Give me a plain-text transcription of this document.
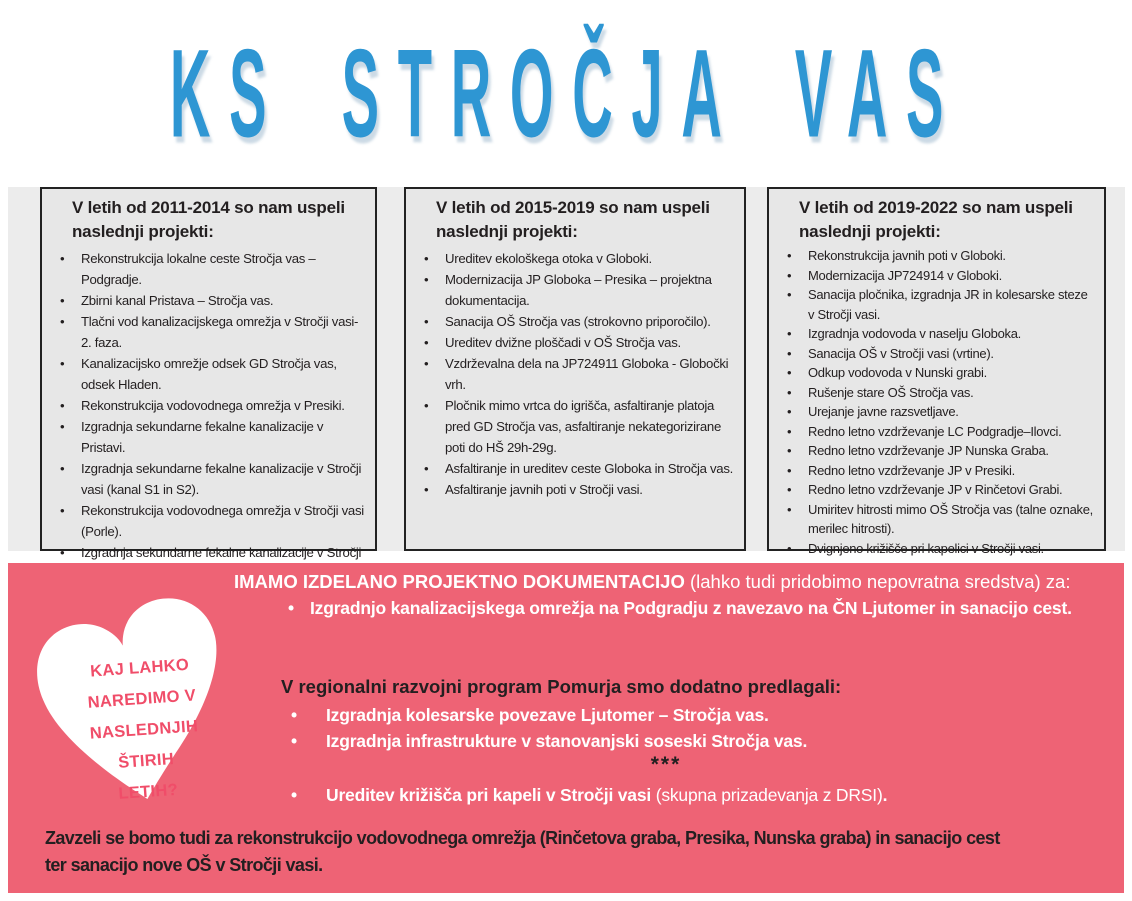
KS STROČJA VAS
V letih od 2011-2014 so nam uspeli naslednji projekti:
• Rekonstrukcija lokalne ceste Stročja vas – Podgradje.
• Zbirni kanal Pristava – Stročja vas.
• Tlačni vod kanalizacijskega omrežja v Stročji vasi-2. faza.
• Kanalizacijsko omrežje odsek GD Stročja vas, odsek Hladen.
• Rekonstrukcija vodovodnega omrežja v Presiki.
• Izgradnja sekundarne fekalne kanalizacije v Pristavi.
• Izgradnja sekundarne fekalne kanalizacije v Stročji vasi (kanal S1 in S2).
• Rekonstrukcija vodovodnega omrežja v Stročji vasi (Porle).
• Izgradnja sekundarne fekalne kanalizacije v Stročji
V letih od 2015-2019 so nam uspeli naslednji projekti:
• Ureditev ekološkega otoka v Globoki.
• Modernizacija JP Globoka – Presika – projektna dokumentacija.
• Sanacija OŠ Stročja vas (strokovno priporočilo).
• Ureditev dvižne ploščadi v OŠ Stročja vas.
• Vzdrževalna dela na JP724911 Globoka - Globočki vrh.
• Pločnik mimo vrtca do igrišča, asfaltiranje platoja pred GD Stročja vas, asfaltiranje nekategorizirane poti do HŠ 29h-29g.
• Asfaltiranje in ureditev ceste Globoka in Stročja vas.
• Asfaltiranje javnih poti v Stročji vasi.
V letih od 2019-2022 so nam uspeli naslednji projekti:
• Rekonstrukcija javnih poti v Globoki.
• Modernizacija JP724914 v Globoki.
• Sanacija pločnika, izgradnja JR in kolesarske steze v Stročji vasi.
• Izgradnja vodovoda v naselju Globoka.
• Sanacija OŠ v Stročji vasi (vrtine).
• Odkup vodovoda v Nunski grabi.
• Rušenje stare OŠ Stročja vas.
• Urejanje javne razsvetljave.
• Redno letno vzdrževanje LC Podgradje–Ilovci.
• Redno letno vzdrževanje JP Nunska Graba.
• Redno letno vzdrževanje JP v Presiki.
• Redno letno vzdrževanje JP v Rinčetovi Grabi.
• Umiritev hitrosti mimo OŠ Stročja vas (talne oznake, merilec hitrosti).
• Dvignjeno križišče pri kapelici v Stročji vasi.
KAJ LAHKO
NAREDIMO V
NASLEDNJIH
ŠTIRIH
LETIH?
IMAMO IZDELANO PROJEKTNO DOKUMENTACIJO (lahko tudi pridobimo nepovratna sredstva) za:
• Izgradnjo kanalizacijskega omrežja na Podgradju z navezavo na ČN Ljutomer in sanacijo cest.
V regionalni razvojni program Pomurja smo dodatno predlagali:
• Izgradnja kolesarske povezave Ljutomer – Stročja vas.
• Izgradnja infrastrukture v stanovanjski soseski Stročja vas.
***
• Ureditev križišča pri kapeli v Stročji vasi (skupna prizadevanja z DRSI).
Zavzeli se bomo tudi za rekonstrukcijo vodovodnega omrežja (Rinčetova graba, Presika, Nunska graba) in sanacijo cest ter sanacijo nove OŠ v Stročji vasi.
